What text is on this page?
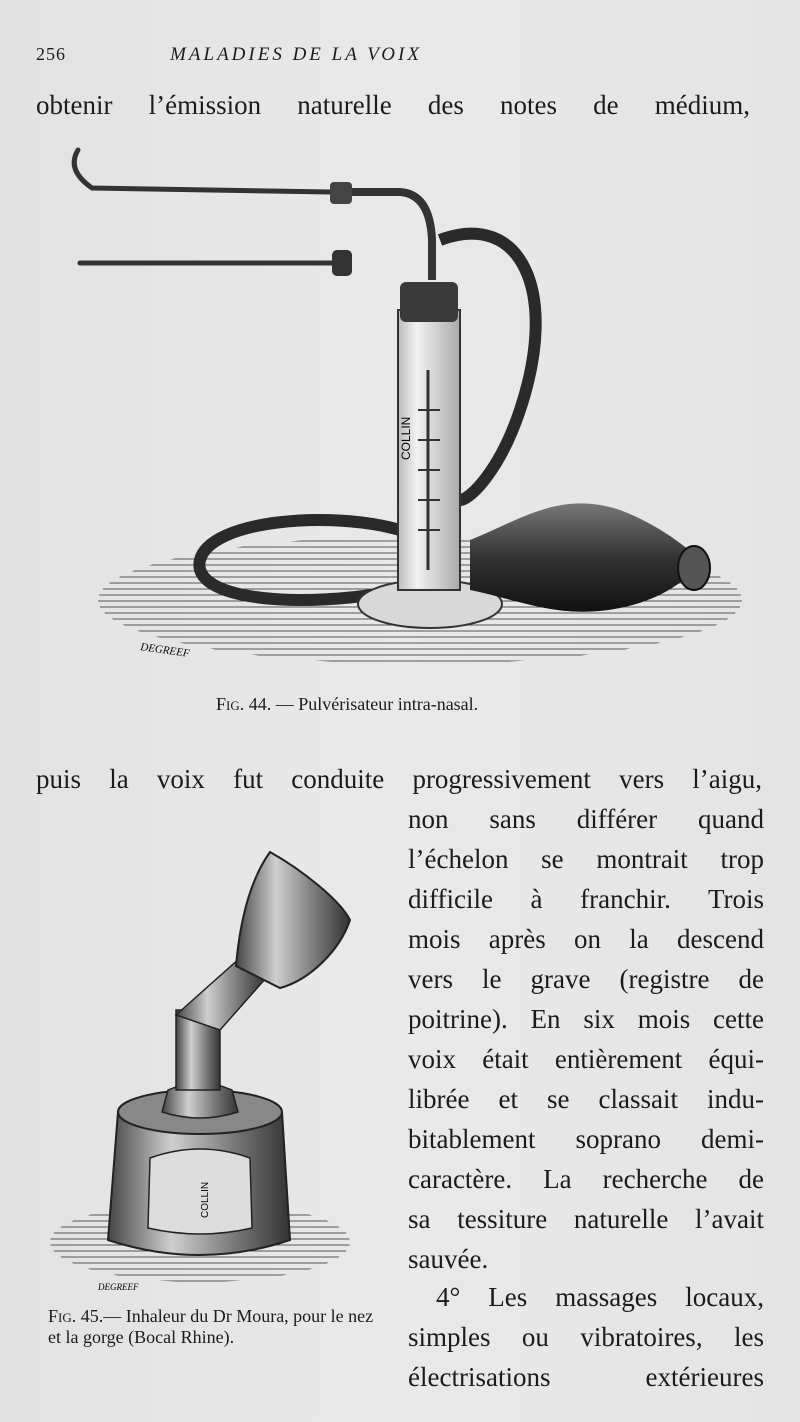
256	MALADIES DE LA VOIX
obtenir l’émission naturelle des notes de médium,
COLLIN
DEGREEF
Fig. 44. — Pulvérisateur intra-nasal.
puis la voix fut conduite progressivement vers l’aigu,
non sans différer quand
l’échelon se montrait trop
difficile à franchir. Trois
mois après on la descend
vers le grave (registre de
poitrine). En six mois cette
voix était entièrement équi-
librée et se classait indu-
bitablement soprano demi-
caractère. La recherche de
sa tessiture naturelle l’avait
sauvée.
4° Les massages locaux,
simples ou vibratoires, les
électrisations extérieures
COLLIN
DEGREEF
Fig. 45.— Inhaleur du Dr Moura, pour le nez et la gorge (Bocal Rhine).
